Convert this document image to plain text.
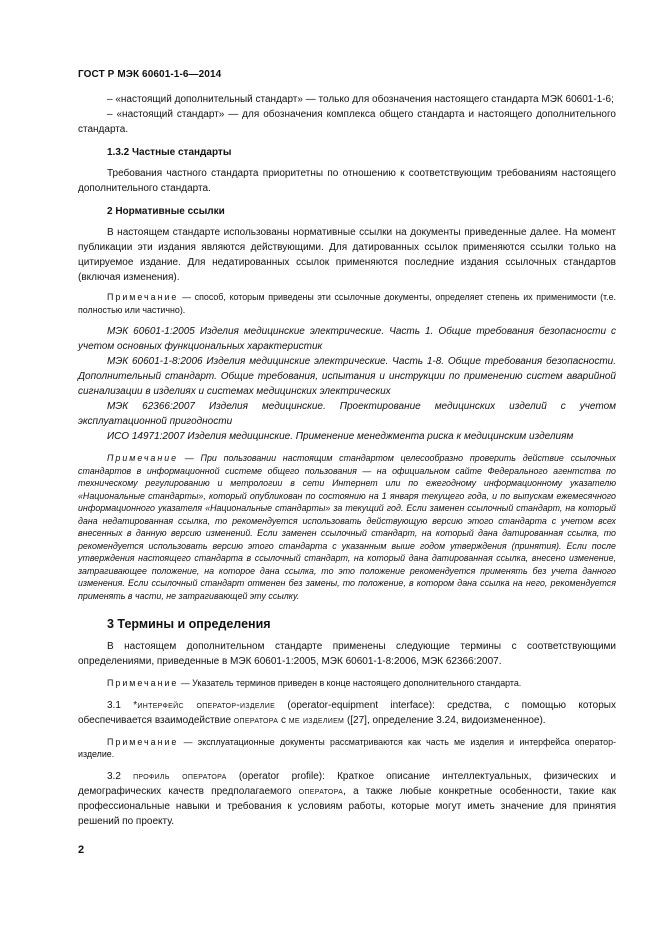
ГОСТ Р МЭК 60601-1-6—2014

– «настоящий дополнительный стандарт» — только для обозначения настоящего стандарта МЭК 60601-1-6;

– «настоящий стандарт» — для обозначения комплекса общего стандарта и настоящего дополнительного стандарта.

1.3.2 Частные стандарты

Требования частного стандарта приоритетны по отношению к соответствующим требованиям настоящего дополнительного стандарта.

2 Нормативные ссылки

В настоящем стандарте использованы нормативные ссылки на документы приведенные далее. На момент публикации эти издания являются действующими. Для датированных ссылок применяются ссылки только на цитируемое издание. Для недатированных ссылок применяются последние издания ссылочных стандартов (включая изменения).

Примечание — способ, которым приведены эти ссылочные документы, определяет степень их применимости (т.е. полностью или частично).

МЭК 60601-1:2005 Изделия медицинские электрические. Часть 1. Общие требования безопасности с учетом основных функциональных характеристик

МЭК 60601-1-8:2006 Изделия медицинские электрические. Часть 1-8. Общие требования безопасности. Дополнительный стандарт. Общие требования, испытания и инструкции по применению систем аварийной сигнализации в изделиях и системах медицинских электрических

МЭК 62366:2007 Изделия медицинские. Проектирование медицинских изделий с учетом эксплуатационной пригодности

ИСО 14971:2007 Изделия медицинские. Применение менеджмента риска к медицинским изделиям

Примечание — При пользовании настоящим стандартом целесообразно проверить действие ссылочных стандартов в информационной системе общего пользования — на официальном сайте Федерального агентства по техническому регулированию и метрологии в сети Интернет или по ежегодному информационному указателю «Национальные стандарты», который опубликован по состоянию на 1 января текущего года, и по выпускам ежемесячного информационного указателя «Национальные стандарты» за текущий год. Если заменен ссылочный стандарт, на который дана недатированная ссылка, то рекомендуется использовать действующую версию этого стандарта с учетом всех внесенных в данную версию изменений. Если заменен ссылочный стандарт, на который дана датированная ссылка, то рекомендуется использовать версию этого стандарта с указанным выше годом утверждения (принятия). Если после утверждения настоящего стандарта в ссылочный стандарт, на который дана датированная ссылка, внесено изменение, затрагивающее положение, на которое дана ссылка, то это положение рекомендуется применять без учета данного изменения. Если ссылочный стандарт отменен без замены, то положение, в котором дана ссылка на него, рекомендуется применять в части, не затрагивающей эту ссылку.

3 Термины и определения

В настоящем дополнительном стандарте применены следующие термины с соответствующими определениями, приведенные в МЭК 60601-1:2005, МЭК 60601-1-8:2006, МЭК 62366:2007.

Примечание — Указатель терминов приведен в конце настоящего дополнительного стандарта.

3.1 *интерфейс оператор-изделие (operator-equipment interface): средства, с помощью которых обеспечивается взаимодействие оператора с ме изделием ([27], определение 3.24, видоизмененное).

Примечание — эксплуатационные документы рассматриваются как часть ме изделия и интерфейса оператор-изделие.

3.2 профиль оператора (operator profile): Краткое описание интеллектуальных, физических и демографических качеств предполагаемого оператора, а также любые конкретные особенности, такие как профессиональные навыки и требования к условиям работы, которые могут иметь значение для принятия решений по проекту.

2
